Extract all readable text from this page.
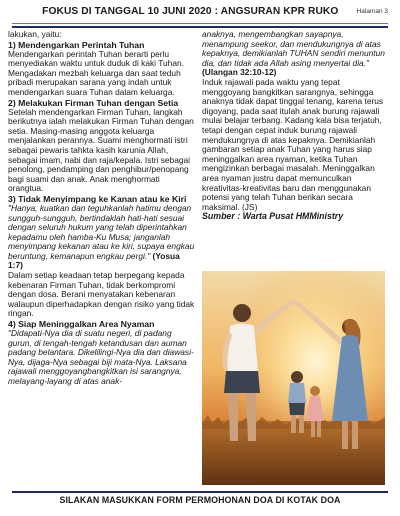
FOKUS DI TANGGAL 10 JUNI 2020 : ANGSURAN KPR RUKO	Halaman 3

lakukan, yaitu:

1) Mendengarkan Perintah Tuhan

Mendengarkan perintah Tuhan berarti perlu menyediakan waktu untuk duduk di kaki Tuhan. Mengadakan mezbah keluarga dan saat teduh pribadi merupakan sarana yang indah untuk mendengarkan suara Tuhan dalam keluarga.

2) Melakukan Firman Tuhan dengan Setia

Setelah mendengarkan Firman Tuhan, langkah berikutnya ialah melakukan Firman Tuhan dengan setia. Masing-masing anggota keluarga menjalankan perannya. Suami menghormati istri sebagai pewaris tahkta kasih karunia Allah, sebagai imam, nabi dan raja/kepala. Istri sebagai penolong, pendamping dan penghibur/penopang bagi suami dan anak. Anak menghormati orangtua.

3) Tidak Menyimpang ke Kanan atau ke Kiri

"Hanya, kuatkan dan teguhkanlah hatimu dengan sungguh-sungguh, bertindaklah hati-hati sesuai dengan seluruh hukum yang telah diperintahkan kepadamu oleh hamba-Ku Musa; janganlah menyimpang kekanan atau ke kiri, supaya engkau beruntung, kemanapun engkau pergi." (Yosua 1:7)

Dalam setiap keadaan tetap berpegang kepada kebenaran Firman Tuhan, tidak berkompromi dengan dosa. Berani menyatakan kebenaran walaupun diperhadapkan dengan risiko yang tidak ringan.

4) Siap Meninggalkan Area Nyaman

"Didapati-Nya dia di suatu negeri, di padang gurun, di tengah-tengah ketandusan dan auman padang belantara. Dikelilingi-Nya dia dan diawasi-Nya, dijaga-Nya sebagai biji mata-Nya. Laksana rajawali menggoyangbangkitkan isi sarangnya, melayang-layang di atas anak-

anaknya, mengembangkan sayapnya, menampung seekor, dan mendukungnya di atas kepaknya, demikianlah TUHAN sendiri menuntun dia, dan tidak ada Allah asing menyertai dia." (Ulangan 32:10-12)

Induk rajawali pada waktu yang tepat menggoyang bangkitkan sarangnya, sehingga anaknya tidak dapat tinggal tenang, karena terus digoyang, pada saat itulah anak burung rajawali mulai belajar terbang. Kadang kala bisa terjatuh, tetapi dengan cepat induk burung rajawali mendukungnya di atas kepaknya. Demikianlah gambaran setiap anak Tuhan yang harus siap meninggalkan area nyaman, ketika Tuhan mengizinkan berbagai masalah. Meninggalkan area nyaman justru dapat memunculkan kreativitas-kreativitas baru dan menggunakan potensi yang telah Tuhan berikan secara maksimal. (JS)

Sumber : Warta Pusat HMMinistry

SILAKAN MASUKKAN FORM PERMOHONAN DOA DI KOTAK DOA
